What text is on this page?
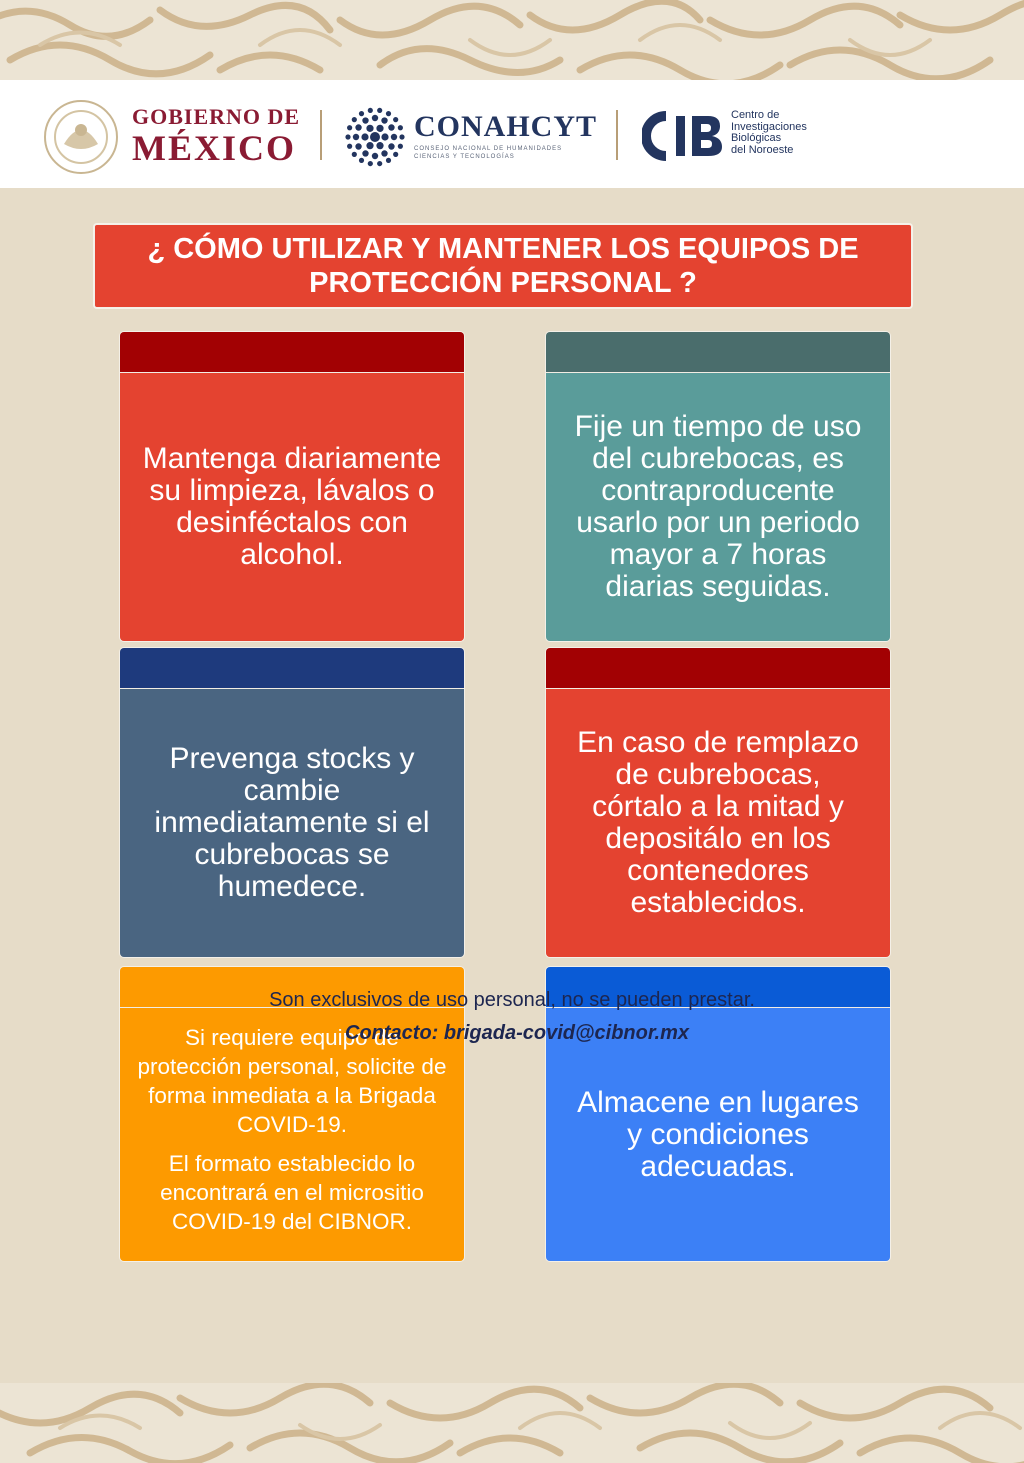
GOBIERNO DE
MÉXICO
CONAHCYT
CONSEJO NACIONAL DE HUMANIDADES CIENCIAS Y TECNOLOGÍAS
Centro de
Investigaciones
Biológicas
del Noroeste
¿ CÓMO UTILIZAR Y MANTENER LOS EQUIPOS DE PROTECCIÓN PERSONAL ?
Mantenga diariamente su limpieza, lávalos o desinféctalos con alcohol.
Fije un tiempo de uso del cubrebocas, es contraproducente usarlo por un periodo mayor a 7 horas diarias seguidas.
Prevenga stocks y cambie inmediatamente si el cubrebocas se humedece.
En caso de remplazo de cubrebocas, córtalo a la mitad y depositálo en los contenedores establecidos.

Si requiere equipo de protección personal, solicite de forma inmediata a la Brigada COVID-19.

El formato establecido lo encontrará en el micrositio COVID-19 del CIBNOR.

Almacene en lugares y condiciones adecuadas.
Son exclusivos de uso personal, no se pueden prestar.
Contacto: brigada-covid@cibnor.mx
